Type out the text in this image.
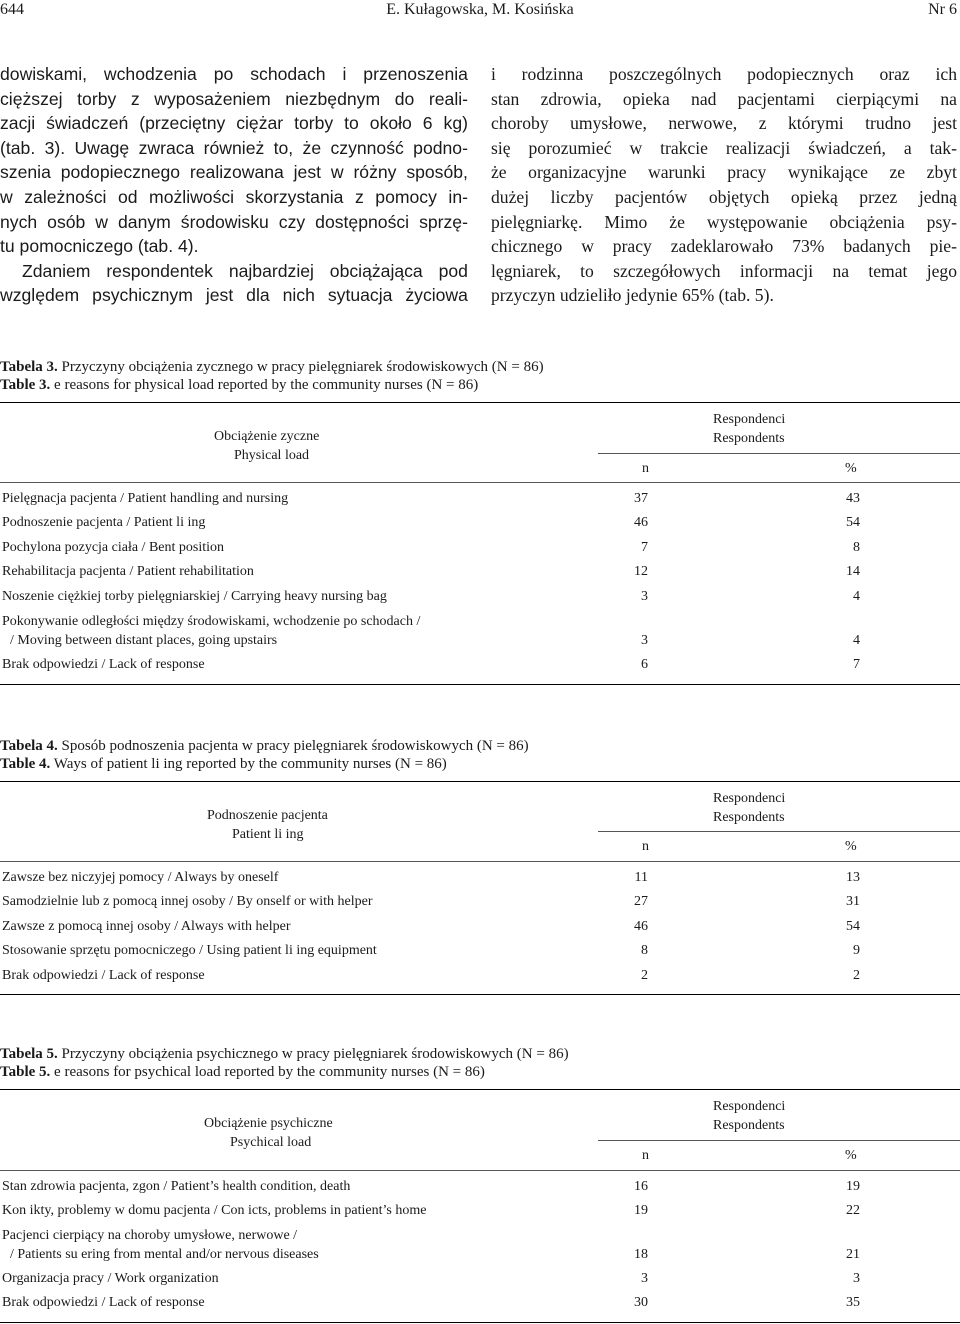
644	E. Kułagowska, M. Kosińska	Nr 6
dowiskami, wchodzenia po schodach i przenoszenia
cięższej torby z wyposażeniem niezbędnym do reali-
zacji świadczeń (przeciętny ciężar torby to około 6 kg)
(tab. 3). Uwagę zwraca również to, że czynność podno-
szenia podopiecznego realizowana jest w różny sposób,
w zależności od możliwości skorzystania z pomocy in-
nych osób w danym środowisku czy dostępności sprzę-
tu pomocniczego (tab. 4).
Zdaniem respondentek najbardziej obciążająca pod
względem psychicznym jest dla nich sytuacja życiowa
i rodzinna poszczególnych podopiecznych oraz ich
stan zdrowia, opieka nad pacjentami cierpiącymi na
choroby umysłowe, nerwowe, z którymi trudno jest
się porozumieć w trakcie realizacji świadczeń, a tak-
że organizacyjne warunki pracy wynikające ze zbyt
dużej liczby pacjentów objętych opieką przez jedną
pielęgniarkę. Mimo że występowanie obciążenia psy-
chicznego w pracy zadeklarowało 73% badanych pie-
lęgniarek, to szczegółowych informacji na temat jego
przyczyn udzieliło jedynie 65% (tab. 5).
Tabela 3. Przyczyny obciążenia zycznego w pracy pielęgniarek środowiskowych (N = 86)
Table 3. e reasons for physical load reported by the community nurses (N = 86)
Obciążenie zyczne
Physical load
Respondenci
Respondents
n	%
Pielęgnacja pacjenta / Patient handling and nursing	37	43
Podnoszenie pacjenta / Patient li ing	46	54
Pochylona pozycja ciała / Bent position	7	8
Rehabilitacja pacjenta / Patient rehabilitation	12	14
Noszenie ciężkiej torby pielęgniarskiej / Carrying heavy nursing bag	3	4
Pokonywanie odległości między środowiskami, wchodzenie po schodach /
/ Moving between distant places, going upstairs	3	4
Brak odpowiedzi / Lack of response	6	7
Tabela 4. Sposób podnoszenia pacjenta w pracy pielęgniarek środowiskowych (N = 86)
Table 4. Ways of patient li ing reported by the community nurses (N = 86)
Podnoszenie pacjenta
Patient li ing
Respondenci
Respondents
n	%
Zawsze bez niczyjej pomocy / Always by oneself	11	13
Samodzielnie lub z pomocą innej osoby / By onself or with helper	27	31
Zawsze z pomocą innej osoby / Always with helper	46	54
Stosowanie sprzętu pomocniczego / Using patient li ing equipment	8	9
Brak odpowiedzi / Lack of response	2	2
Tabela 5. Przyczyny obciążenia psychicznego w pracy pielęgniarek środowiskowych (N = 86)
Table 5. e reasons for psychical load reported by the community nurses (N = 86)
Obciążenie psychiczne
Psychical load
Respondenci
Respondents
n	%
Stan zdrowia pacjenta, zgon / Patient’s health condition, death	16	19
Kon ikty, problemy w domu pacjenta / Con icts, problems in patient’s home	19	22
Pacjenci cierpiący na choroby umysłowe, nerwowe /
/ Patients su ering from mental and/or nervous diseases	18	21
Organizacja pracy / Work organization	3	3
Brak odpowiedzi / Lack of response	30	35
